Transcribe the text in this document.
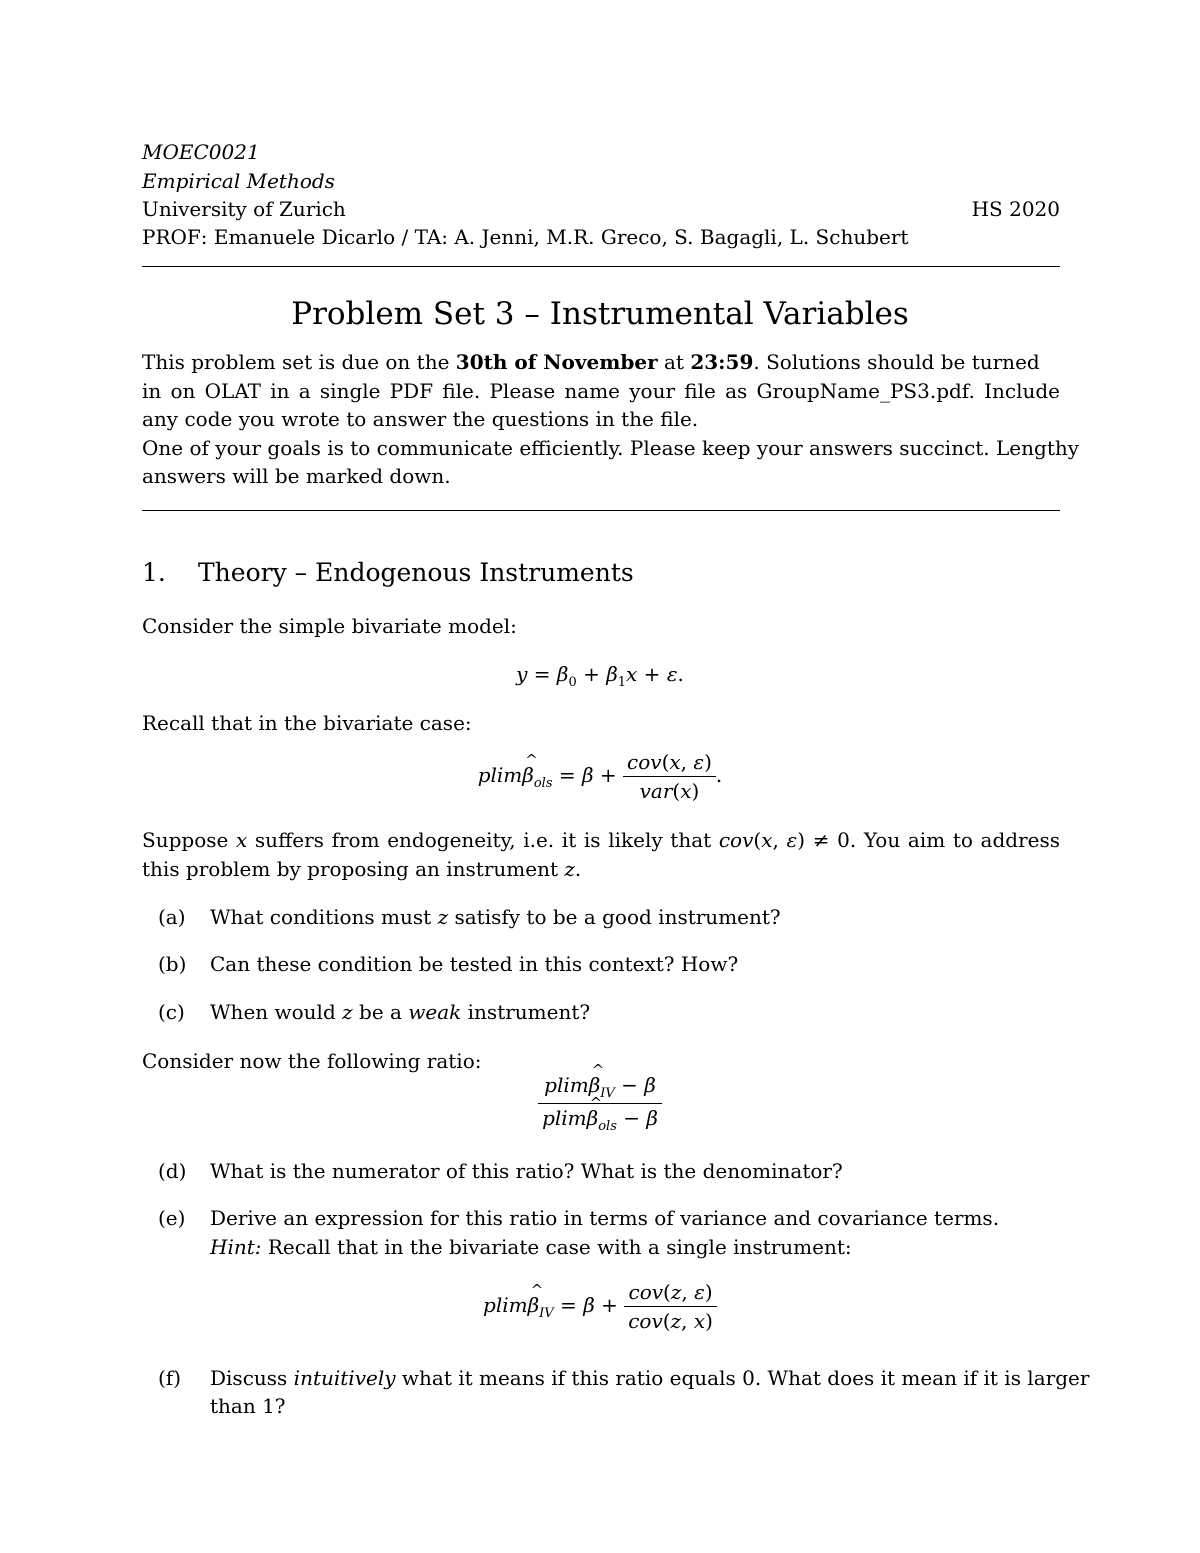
MOEC0021
Empirical Methods
University of Zurich	HS 2020
PROF: Emanuele Dicarlo / TA: A. Jenni, M.R. Greco, S. Bagagli, L. Schubert
Problem Set 3 – Instrumental Variables
This problem set is due on the 30th of November at 23:59. Solutions should be turned
in on OLAT in a single PDF file. Please name your file as GroupName_PS3.pdf. Include
any code you wrote to answer the questions in the file.
One of your goals is to communicate efficiently. Please keep your answers succinct. Lengthy
answers will be marked down.
1. Theory – Endogenous Instruments
Consider the simple bivariate model:
$y = \beta_0 + \beta_1x + \varepsilon$.
Recall that in the bivariate case:
plim^ $\beta_{ols} = \beta + \frac{\text{cov(x, ε)}}{\text{var(x)}}$ .
Suppose x suffers from endogeneity, i.e. it is likely that cov(x, ε) ≠ 0. You aim to address
this problem by proposing an instrument z.
(a) What conditions must z satisfy to be a good instrument?
(b) Can these condition be tested in this context? How?
(c) When would z be a weak instrument?
Consider now the following ratio:
$\frac{plim\^{} \beta_{IV} - \beta}{plim\^{} \beta_{ols} - \beta}$
(d) What is the numerator of this ratio? What is the denominator?
(e) Derive an expression for this ratio in terms of variance and covariance terms.
Hint: Recall that in the bivariate case with a single instrument:
plim^ $\beta_{IV} = \beta + \frac{\text{cov(z, ε)}}{\text{cov(z, x)}}$
(f) Discuss intuitively what it means if this ratio equals 0. What does it mean if it is larger
than 1?
